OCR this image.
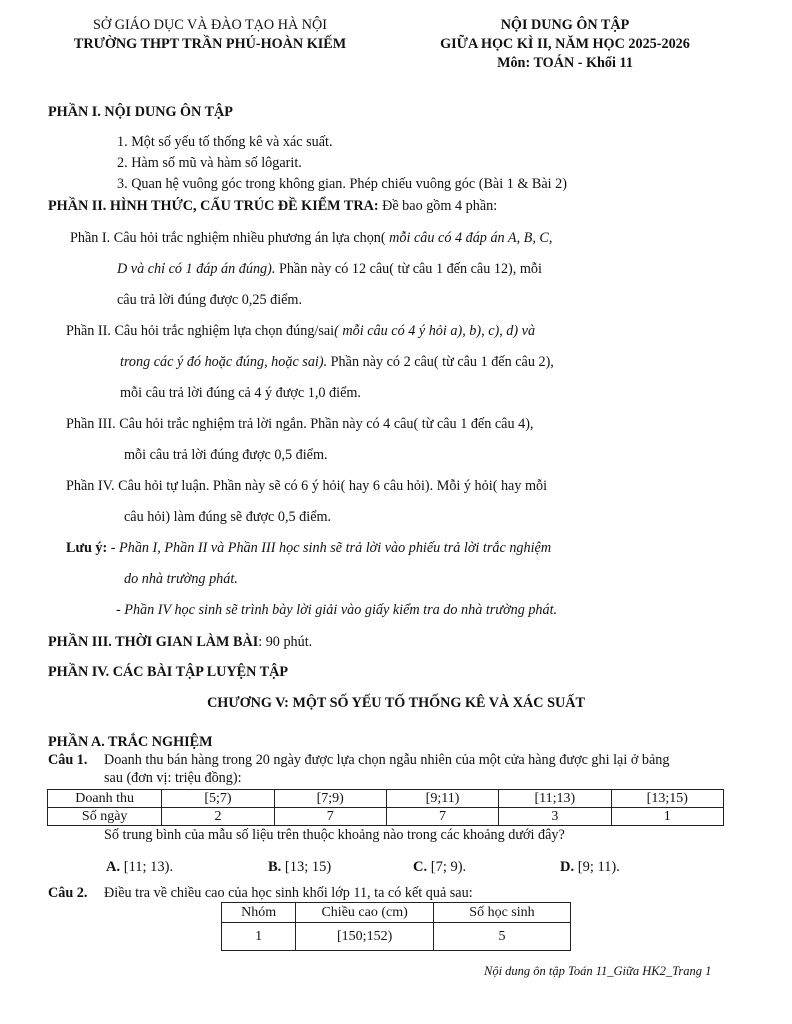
SỞ GIÁO DỤC VÀ ĐÀO TẠO HÀ NỘI
TRƯỜNG THPT TRẦN PHÚ-HOÀN KIẾM
NỘI DUNG ÔN TẬP
GIỮA HỌC KÌ II, NĂM HỌC 2025-2026
Môn: TOÁN - Khối 11
PHẦN I. NỘI DUNG ÔN TẬP
1. Một số yếu tố thống kê và xác suất.
2. Hàm số mũ và hàm số lôgarit.
3. Quan hệ vuông góc trong không gian. Phép chiếu vuông góc (Bài 1 & Bài 2)
PHẦN II. HÌNH THỨC, CẤU TRÚC ĐỀ KIỂM TRA: Đề bao gồm 4 phần:
Phần I. Câu hỏi trắc nghiệm nhiều phương án lựa chọn( mỗi câu có 4 đáp án A, B, C,
D và chỉ có 1 đáp án đúng). Phần này có 12 câu( từ câu 1 đến câu 12), mỗi
câu trả lời đúng được 0,25 điểm.
Phần II. Câu hỏi trắc nghiệm lựa chọn đúng/sai( mỗi câu có 4 ý hỏi a), b), c), d) và
trong các ý đó hoặc đúng, hoặc sai). Phần này có 2 câu( từ câu 1 đến câu 2),
mỗi câu trả lời đúng cả 4 ý được 1,0 điểm.
Phần III. Câu hỏi trắc nghiệm trả lời ngắn. Phần này có 4 câu( từ câu 1 đến câu 4),
mỗi câu trả lời đúng được 0,5 điểm.
Phần IV. Câu hỏi tự luận. Phần này sẽ có 6 ý hỏi( hay 6 câu hỏi). Mỗi ý hỏi( hay mỗi
câu hỏi) làm đúng sẽ được 0,5 điểm.
Lưu ý: - Phần I, Phần II và Phần III học sinh sẽ trả lời vào phiếu trả lời trắc nghiệm
do nhà trường phát.
- Phần IV học sinh sẽ trình bày lời giải vào giấy kiểm tra do nhà trường phát.
PHẦN III. THỜI GIAN LÀM BÀI: 90 phút.
PHẦN IV. CÁC BÀI TẬP LUYỆN TẬP
CHƯƠNG V: MỘT SỐ YẾU TỐ THỐNG KÊ VÀ XÁC SUẤT
PHẦN A. TRẮC NGHIỆM
Câu 1. Doanh thu bán hàng trong 20 ngày được lựa chọn ngẫu nhiên của một cửa hàng được ghi lại ở bảng
sau (đơn vị: triệu đồng):
Doanh thu	[5;7)	[7;9)	[9;11)	[11;13)	[13;15)
Số ngày	2	7	7	3	1
Số trung bình của mẫu số liệu trên thuộc khoảng nào trong các khoảng dưới đây?
A. [11; 13).	B. [13; 15)	C. [7; 9).	D. [9; 11).
Câu 2. Điều tra về chiều cao của học sinh khối lớp 11, ta có kết quả sau:
Nhóm	Chiều cao (cm)	Số học sinh
1	[150;152)	5
Nội dung ôn tập Toán 11_Giữa HK2_Trang 1
